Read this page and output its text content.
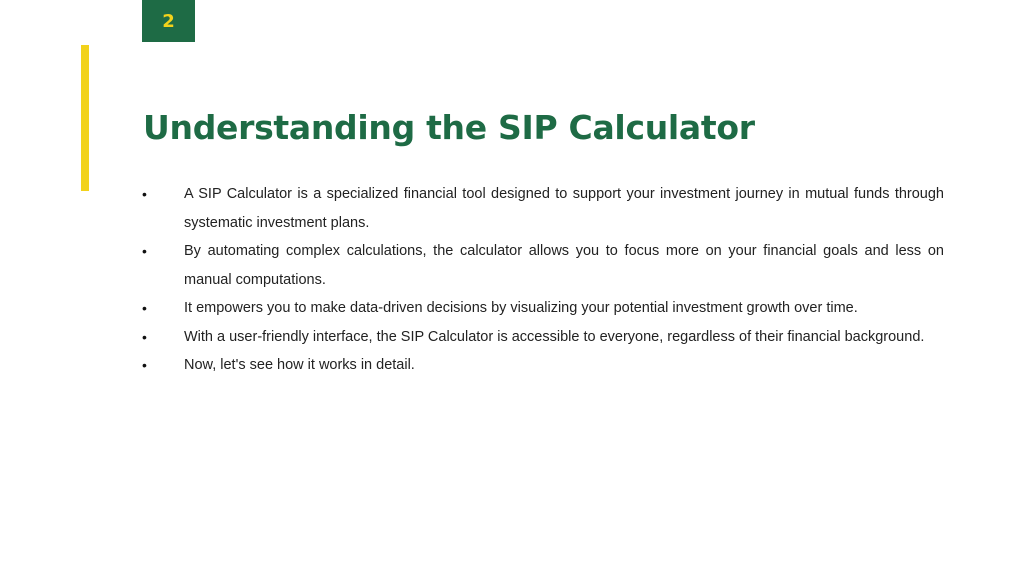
2
Understanding the SIP Calculator
•	A SIP Calculator is a specialized financial tool designed to support your investment journey in mutual funds through systematic investment plans.
•	By automating complex calculations, the calculator allows you to focus more on your financial goals and less on manual computations.
•	It empowers you to make data-driven decisions by visualizing your potential investment growth over time.
•	With a user-friendly interface, the SIP Calculator is accessible to everyone, regardless of their financial background.
•	Now, let's see how it works in detail.
